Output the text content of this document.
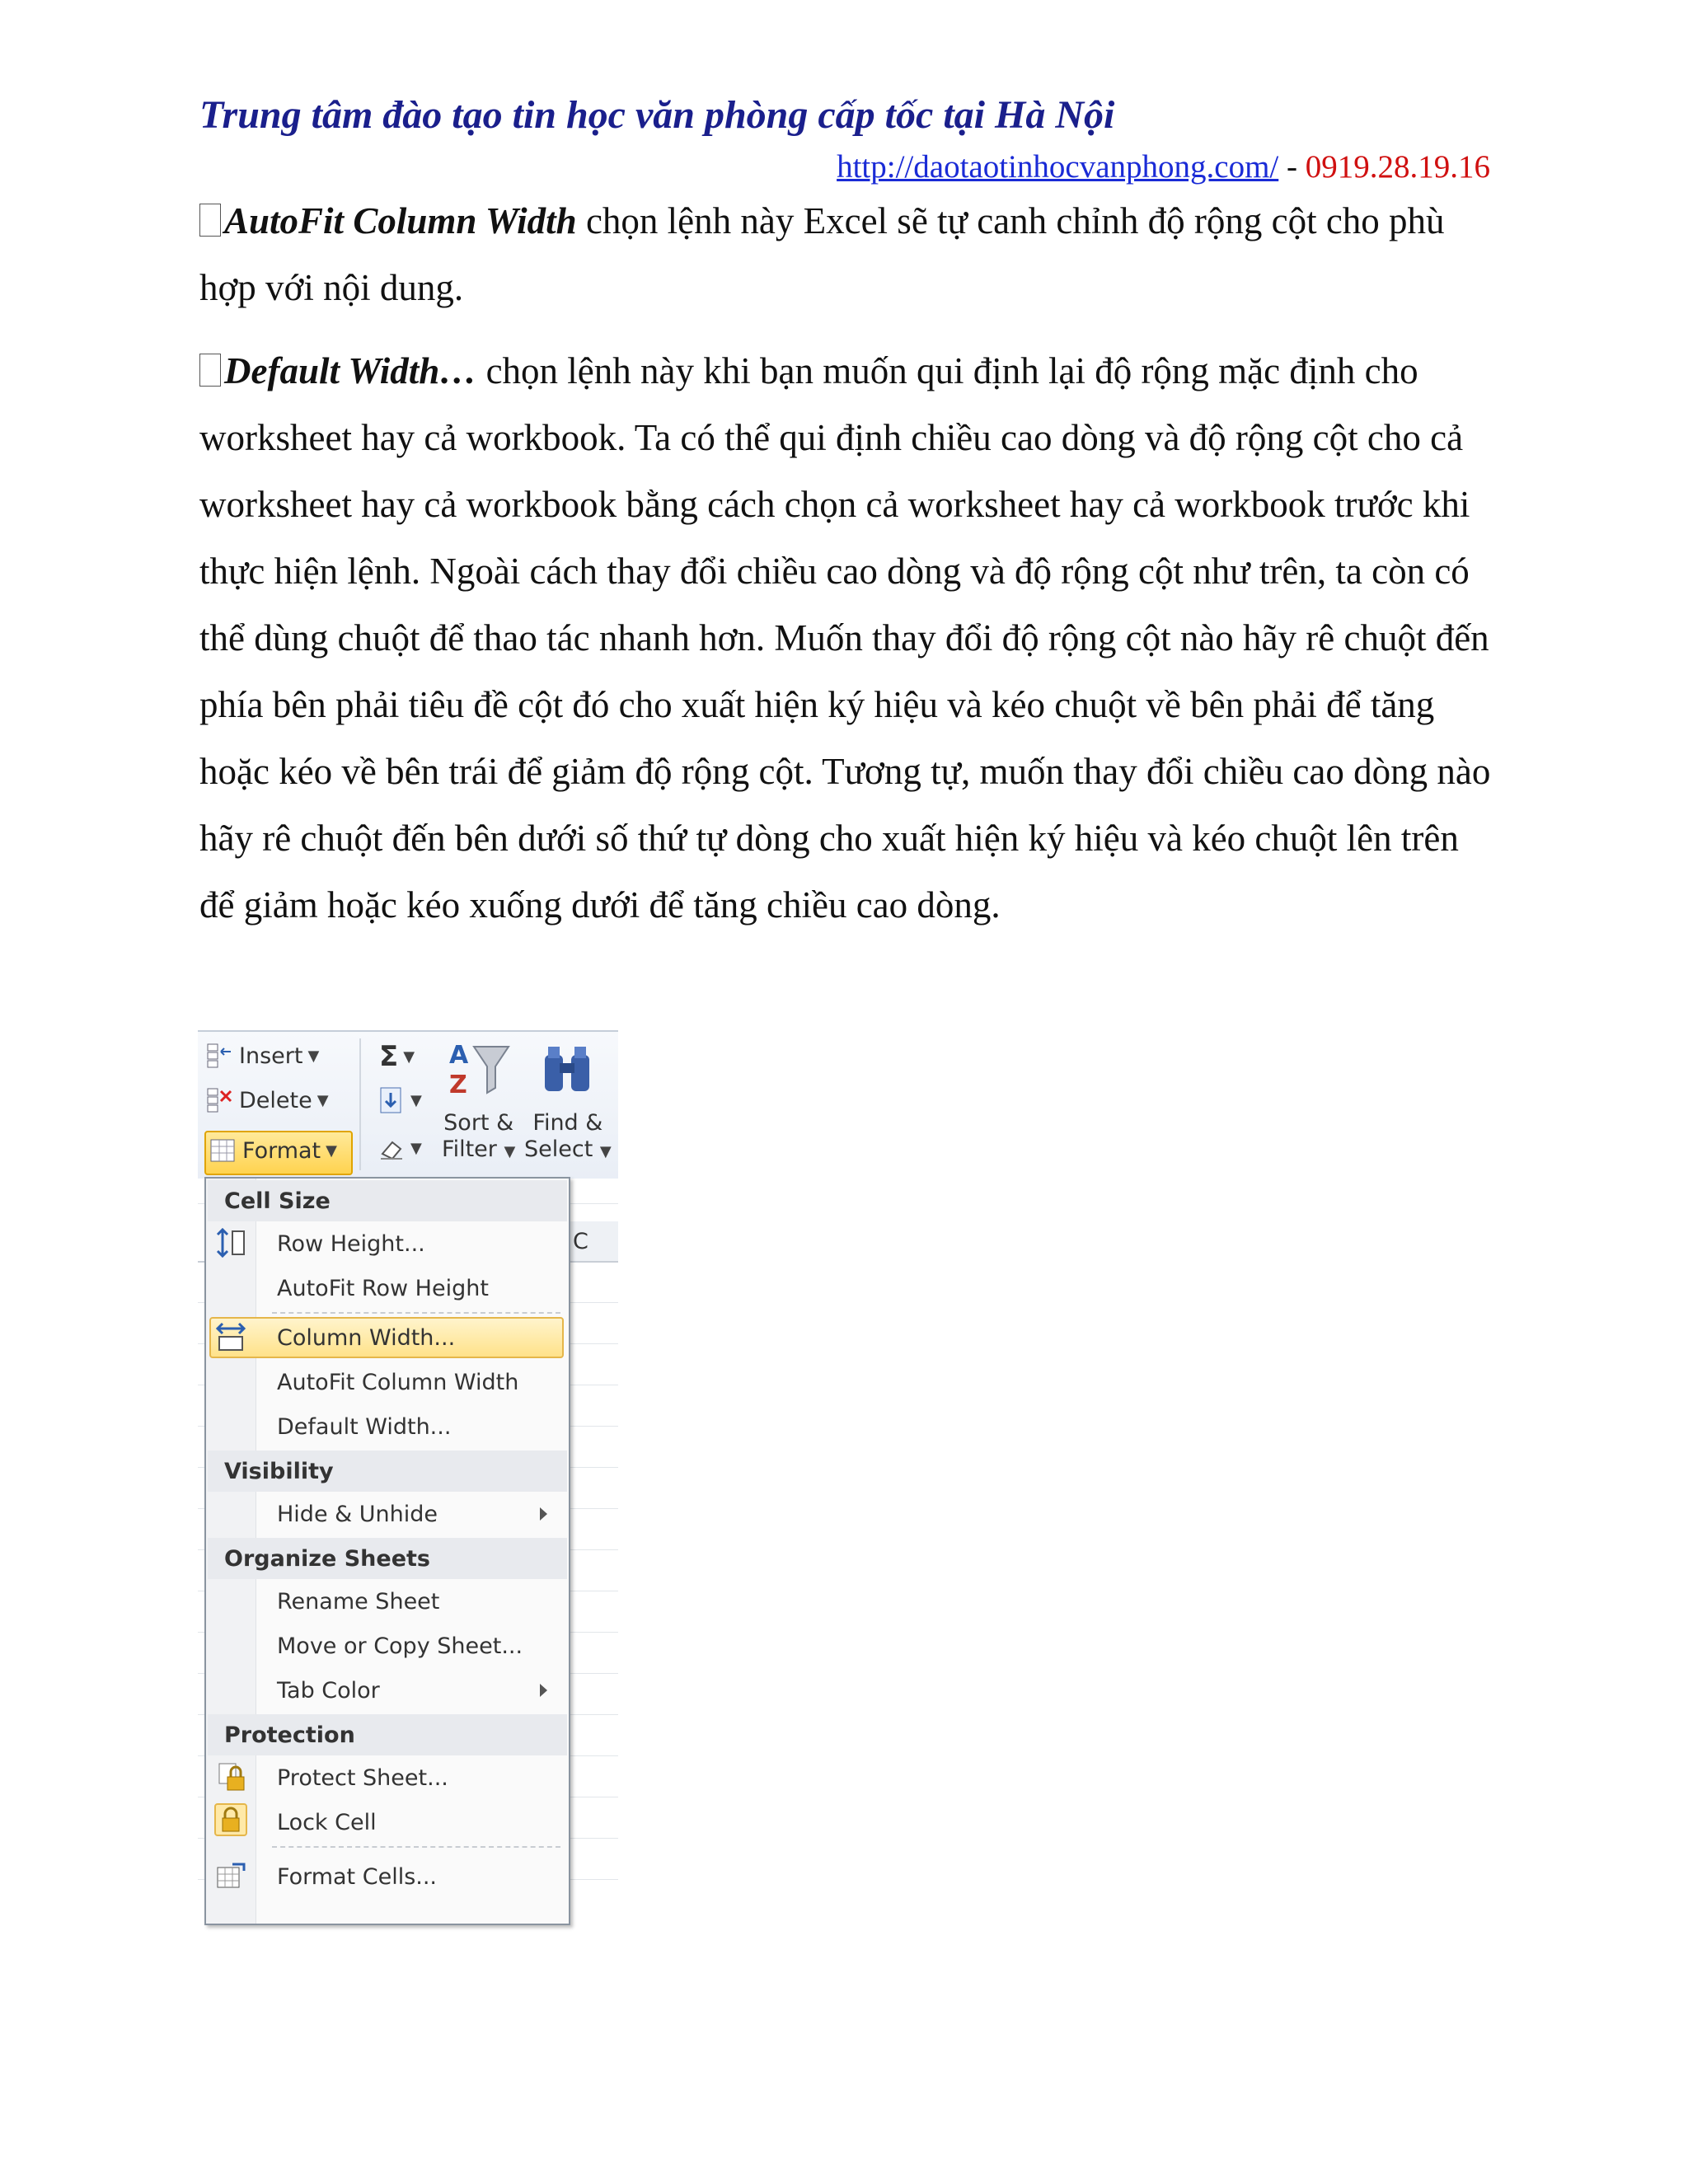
Trung tâm đào tạo tin học văn phòng cấp tốc tại Hà Nội
http://daotaotinhocvanphong.com/ - 0919.28.19.16
AutoFit Column Width chọn lệnh này Excel sẽ tự canh chỉnh độ rộng cột cho phù hợp với nội dung.
Default Width… chọn lệnh này khi bạn muốn qui định lại độ rộng mặc định cho worksheet hay cả workbook. Ta có thể qui định chiều cao dòng và độ rộng cột cho cả worksheet hay cả workbook bằng cách chọn cả worksheet hay cả workbook trước khi thực hiện lệnh. Ngoài cách thay đổi chiều cao dòng và độ rộng cột như trên, ta còn có thể dùng chuột để thao tác nhanh hơn. Muốn thay đổi độ rộng cột nào hãy rê chuột đến phía bên phải tiêu đề cột đó cho xuất hiện ký hiệu và kéo chuột về bên phải để tăng hoặc kéo về bên trái để giảm độ rộng cột. Tương tự, muốn thay đổi chiều cao dòng nào hãy rê chuột đến bên dưới số thứ tự dòng cho xuất hiện ký hiệu và kéo chuột lên trên để giảm hoặc kéo xuống dưới để tăng chiều cao dòng.
Insert ▼
Delete ▼
Format ▼
Σ ▼
▼
▼
A
Z
Sort &
Filter ▼
Find &
Select ▼
C
Cell Size
Row Height...
AutoFit Row Height
Column Width...
AutoFit Column Width
Default Width...
Visibility
Hide & Unhide
Organize Sheets
Rename Sheet
Move or Copy Sheet...
Tab Color
Protection
Protect Sheet...
Lock Cell
Format Cells...
